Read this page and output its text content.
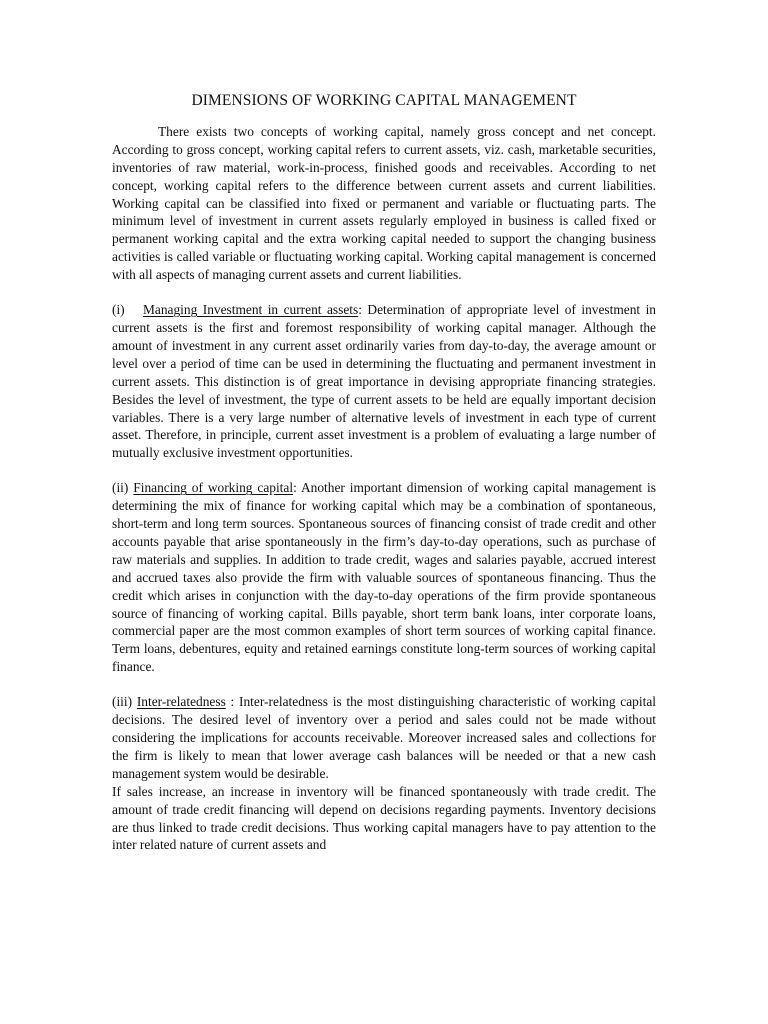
DIMENSIONS OF WORKING CAPITAL MANAGEMENT

There exists two concepts of working capital, namely gross concept and net concept. According to gross concept, working capital refers to current assets, viz. cash, marketable securities, inventories of raw material, work-in-process, finished goods and receivables. According to net concept, working capital refers to the difference between current assets and current liabilities. Working capital can be classified into fixed or permanent and variable or fluctuating parts. The minimum level of investment in current assets regularly employed in business is called fixed or permanent working capital and the extra working capital needed to support the changing business activities is called variable or fluctuating working capital. Working capital management is concerned with all aspects of managing current assets and current liabilities.

(i) Managing Investment in current assets: Determination of appropriate level of investment in current assets is the first and foremost responsibility of working capital manager. Although the amount of investment in any current asset ordinarily varies from day-to-day, the average amount or level over a period of time can be used in determining the fluctuating and permanent investment in current assets. This distinction is of great importance in devising appropriate financing strategies. Besides the level of investment, the type of current assets to be held are equally important decision variables. There is a very large number of alternative levels of investment in each type of current asset. Therefore, in principle, current asset investment is a problem of evaluating a large number of mutually exclusive investment opportunities.

(ii) Financing of working capital: Another important dimension of working capital management is determining the mix of finance for working capital which may be a combination of spontaneous, short-term and long term sources. Spontaneous sources of financing consist of trade credit and other accounts payable that arise spontaneously in the firm’s day-to-day operations, such as purchase of raw materials and supplies. In addition to trade credit, wages and salaries payable, accrued interest and accrued taxes also provide the firm with valuable sources of spontaneous financing. Thus the credit which arises in conjunction with the day-to-day operations of the firm provide spontaneous source of financing of working capital. Bills payable, short term bank loans, inter corporate loans, commercial paper are the most common examples of short term sources of working capital finance. Term loans, debentures, equity and retained earnings constitute long-term sources of working capital finance.

(iii) Inter-relatedness : Inter-relatedness is the most distinguishing characteristic of working capital decisions. The desired level of inventory over a period and sales could not be made without considering the implications for accounts receivable. Moreover increased sales and collections for the firm is likely to mean that lower average cash balances will be needed or that a new cash management system would be desirable.

If sales increase, an increase in inventory will be financed spontaneously with trade credit. The amount of trade credit financing will depend on decisions regarding payments. Inventory decisions are thus linked to trade credit decisions. Thus working capital managers have to pay attention to the inter related nature of current assets and
